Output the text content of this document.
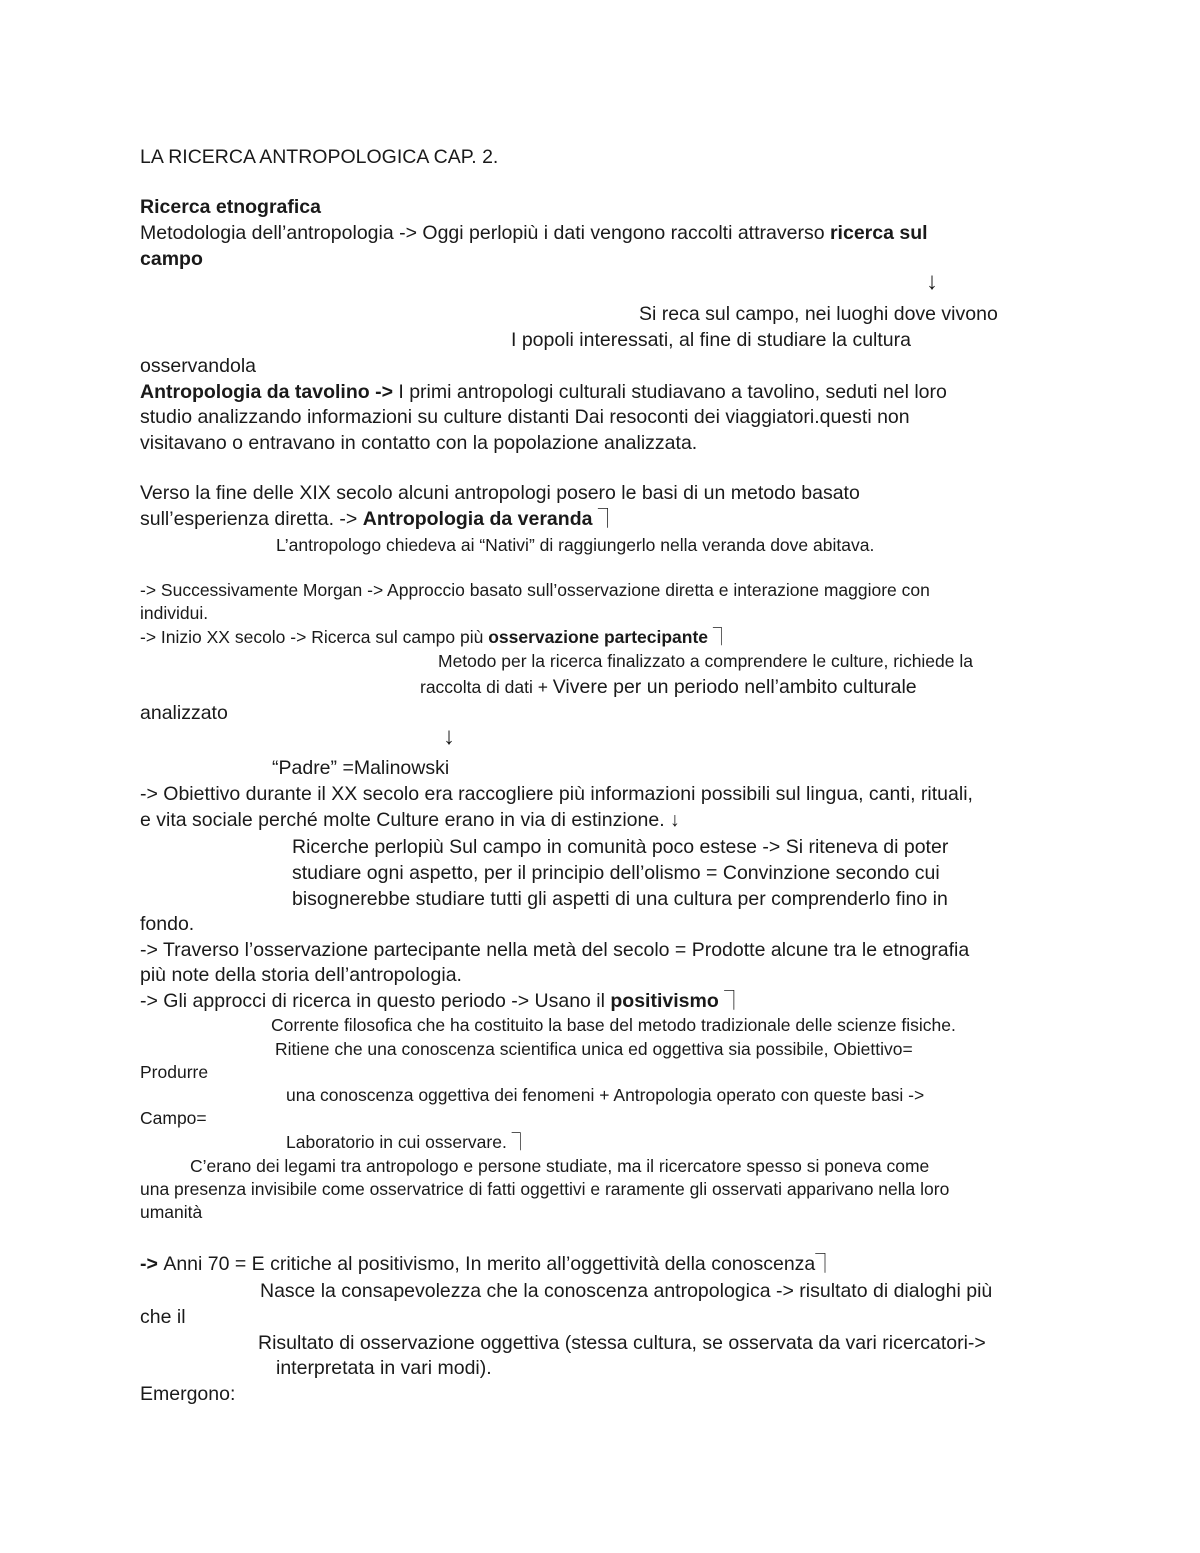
LA RICERCA ANTROPOLOGICA CAP. 2.

Ricerca etnografica

Metodologia dell’antropologia -> Oggi perlopiù i dati vengono raccolti attraverso ricerca sul

campo

↓

Si reca sul campo, nei luoghi dove vivono

I popoli interessati, al fine di studiare la cultura

osservandola

Antropologia da tavolino -> I primi antropologi culturali studiavano a tavolino, seduti nel loro

studio analizzando informazioni su culture distanti Dai resoconti dei viaggiatori.questi non

visitavano o entravano in contatto con la popolazione analizzata.

Verso la fine delle XIX secolo alcuni antropologi posero le basi di un metodo basato

sull’esperienza diretta. -> Antropologia da veranda ⏋

L’antropologo chiedeva ai “Nativi” di raggiungerlo nella veranda dove abitava.

-> Successivamente Morgan -> Approccio basato sull’osservazione diretta e interazione maggiore con

individui.

-> Inizio XX secolo -> Ricerca sul campo più osservazione partecipante ⏋

Metodo per la ricerca finalizzato a comprendere le culture, richiede la

raccolta di dati + Vivere per un periodo nell’ambito culturale

analizzato

↓

“Padre” =Malinowski

-> Obiettivo durante il XX secolo era raccogliere più informazioni possibili sul lingua, canti, rituali,

e vita sociale perché molte Culture erano in via di estinzione. ↓

Ricerche perlopiù Sul campo in comunità poco estese -> Si riteneva di poter

studiare ogni aspetto, per il principio dell’olismo = Convinzione secondo cui

bisognerebbe studiare tutti gli aspetti di una cultura per comprenderlo fino in

fondo.

-> Traverso l’osservazione partecipante nella metà del secolo = Prodotte alcune tra le etnografia

più note della storia dell’antropologia.

-> Gli approcci di ricerca in questo periodo -> Usano il positivismo ⏋

Corrente filosofica che ha costituito la base del metodo tradizionale delle scienze fisiche.

Ritiene che una conoscenza scientifica unica ed oggettiva sia possibile, Obiettivo=

Produrre

una conoscenza oggettiva dei fenomeni + Antropologia operato con queste basi ->

Campo=

Laboratorio in cui osservare. ⏋

C’erano dei legami tra antropologo e persone studiate, ma il ricercatore spesso si poneva come

una presenza invisibile come osservatrice di fatti oggettivi e raramente gli osservati apparivano nella loro

umanità

-> Anni 70 = E critiche al positivismo, In merito all’oggettività della conoscenza⏋

Nasce la consapevolezza che la conoscenza antropologica -> risultato di dialoghi più

che il

Risultato di osservazione oggettiva (stessa cultura, se osservata da vari ricercatori->

interpretata in vari modi).

Emergono:
